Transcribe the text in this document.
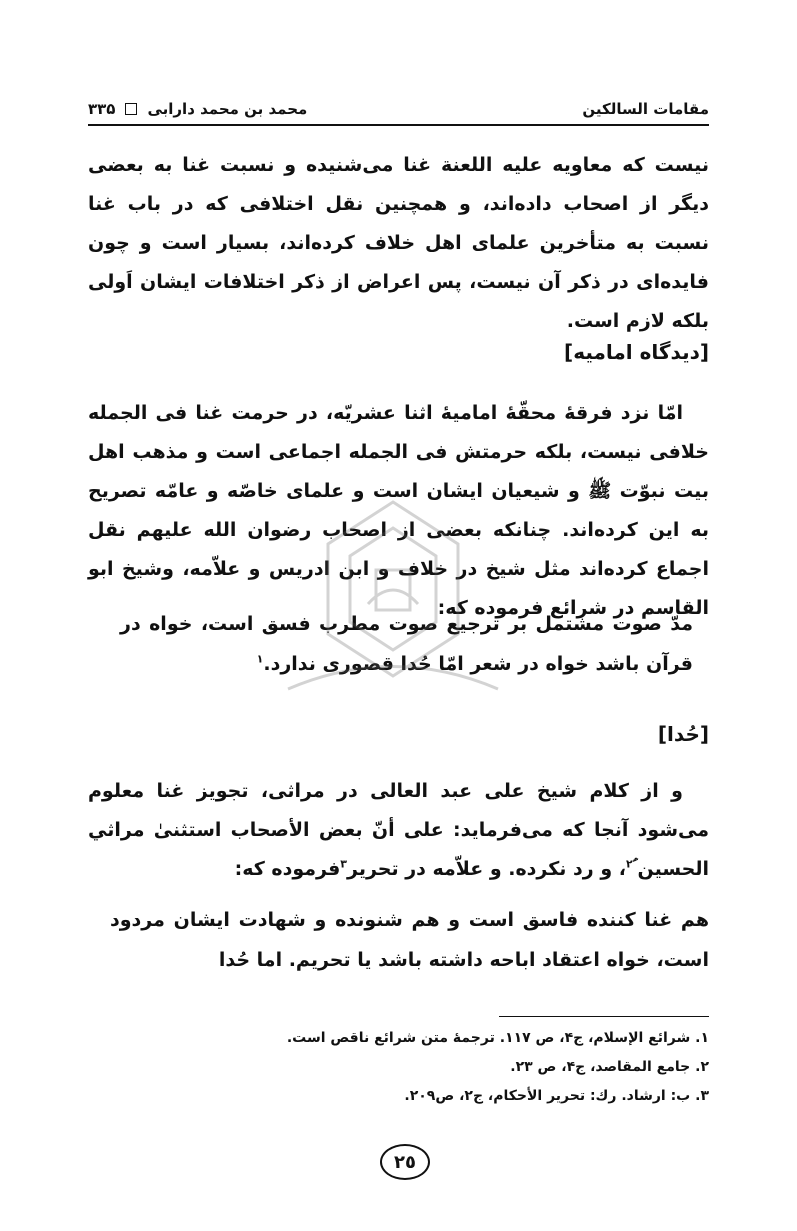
مقامات السالکین
محمد بن محمد دارابی
۳۳۵
نیست که معاویه علیه اللعنة غنا می‌شنیده و نسبت غنا به بعضی دیگر از اصحاب داده‌اند، و همچنین نقل اختلافی که در باب غنا نسبت به متأخرین علمای اهل خلاف کرده‌اند، بسیار است و چون فایده‌ای در ذکر آن نیست، پس اعراض از ذکر اختلافات ایشان اَولی بلکه لازم است.
[دیدگاه امامیه]
امّا نزد فرقهٔ محقّهٔ امامیهٔ اثنا عشریّه، در حرمت غنا فی الجمله خلافی نیست، بلکه حرمتش فی الجمله اجماعی است و مذهب اهل بیت نبوّت ﷺ و شیعیان ایشان است و علمای خاصّه و عامّه تصریح به این کرده‌اند. چنانکه بعضی از اصحاب رضوان الله علیهم نقل اجماع کرده‌اند مثل شیخ در خلاف و ابن ادریس و علاّمه، وشیخ ابو القاسم در شرائع فرموده که:
مدّ صوت مشتمل بر ترجیع صوت مطرب فسق است، خواه در قرآن باشد خواه در شعر امّا حُدا قصوری ندارد.$^١$
[حُدا]
و از کلام شیخ علی عبد العالی در مراثی، تجویز غنا معلوم می‌شود آنجا که می‌فرماید: علی أنّ بعض الأصحاب استثنیٰ مراثي الحسین ؑ$^٢$، و رد نکرده. و علاّمه در تحریر$^٣$فرموده که:
هم غنا کننده فاسق است و هم شنونده و شهادت ایشان مردود است، خواه اعتقاد اباحه داشته باشد یا تحریم. اما حُدا
١. شرائع الإسلام، ج۴، ص ١١٧. ترجمهٔ متن شرائع ناقص است.
٢. جامع المقاصد، ج۴، ص ٢٣.
٣. ب: ارشاد. رك: تحریر الأحکام، ج٢، ص٢٠٩.
٢٥
